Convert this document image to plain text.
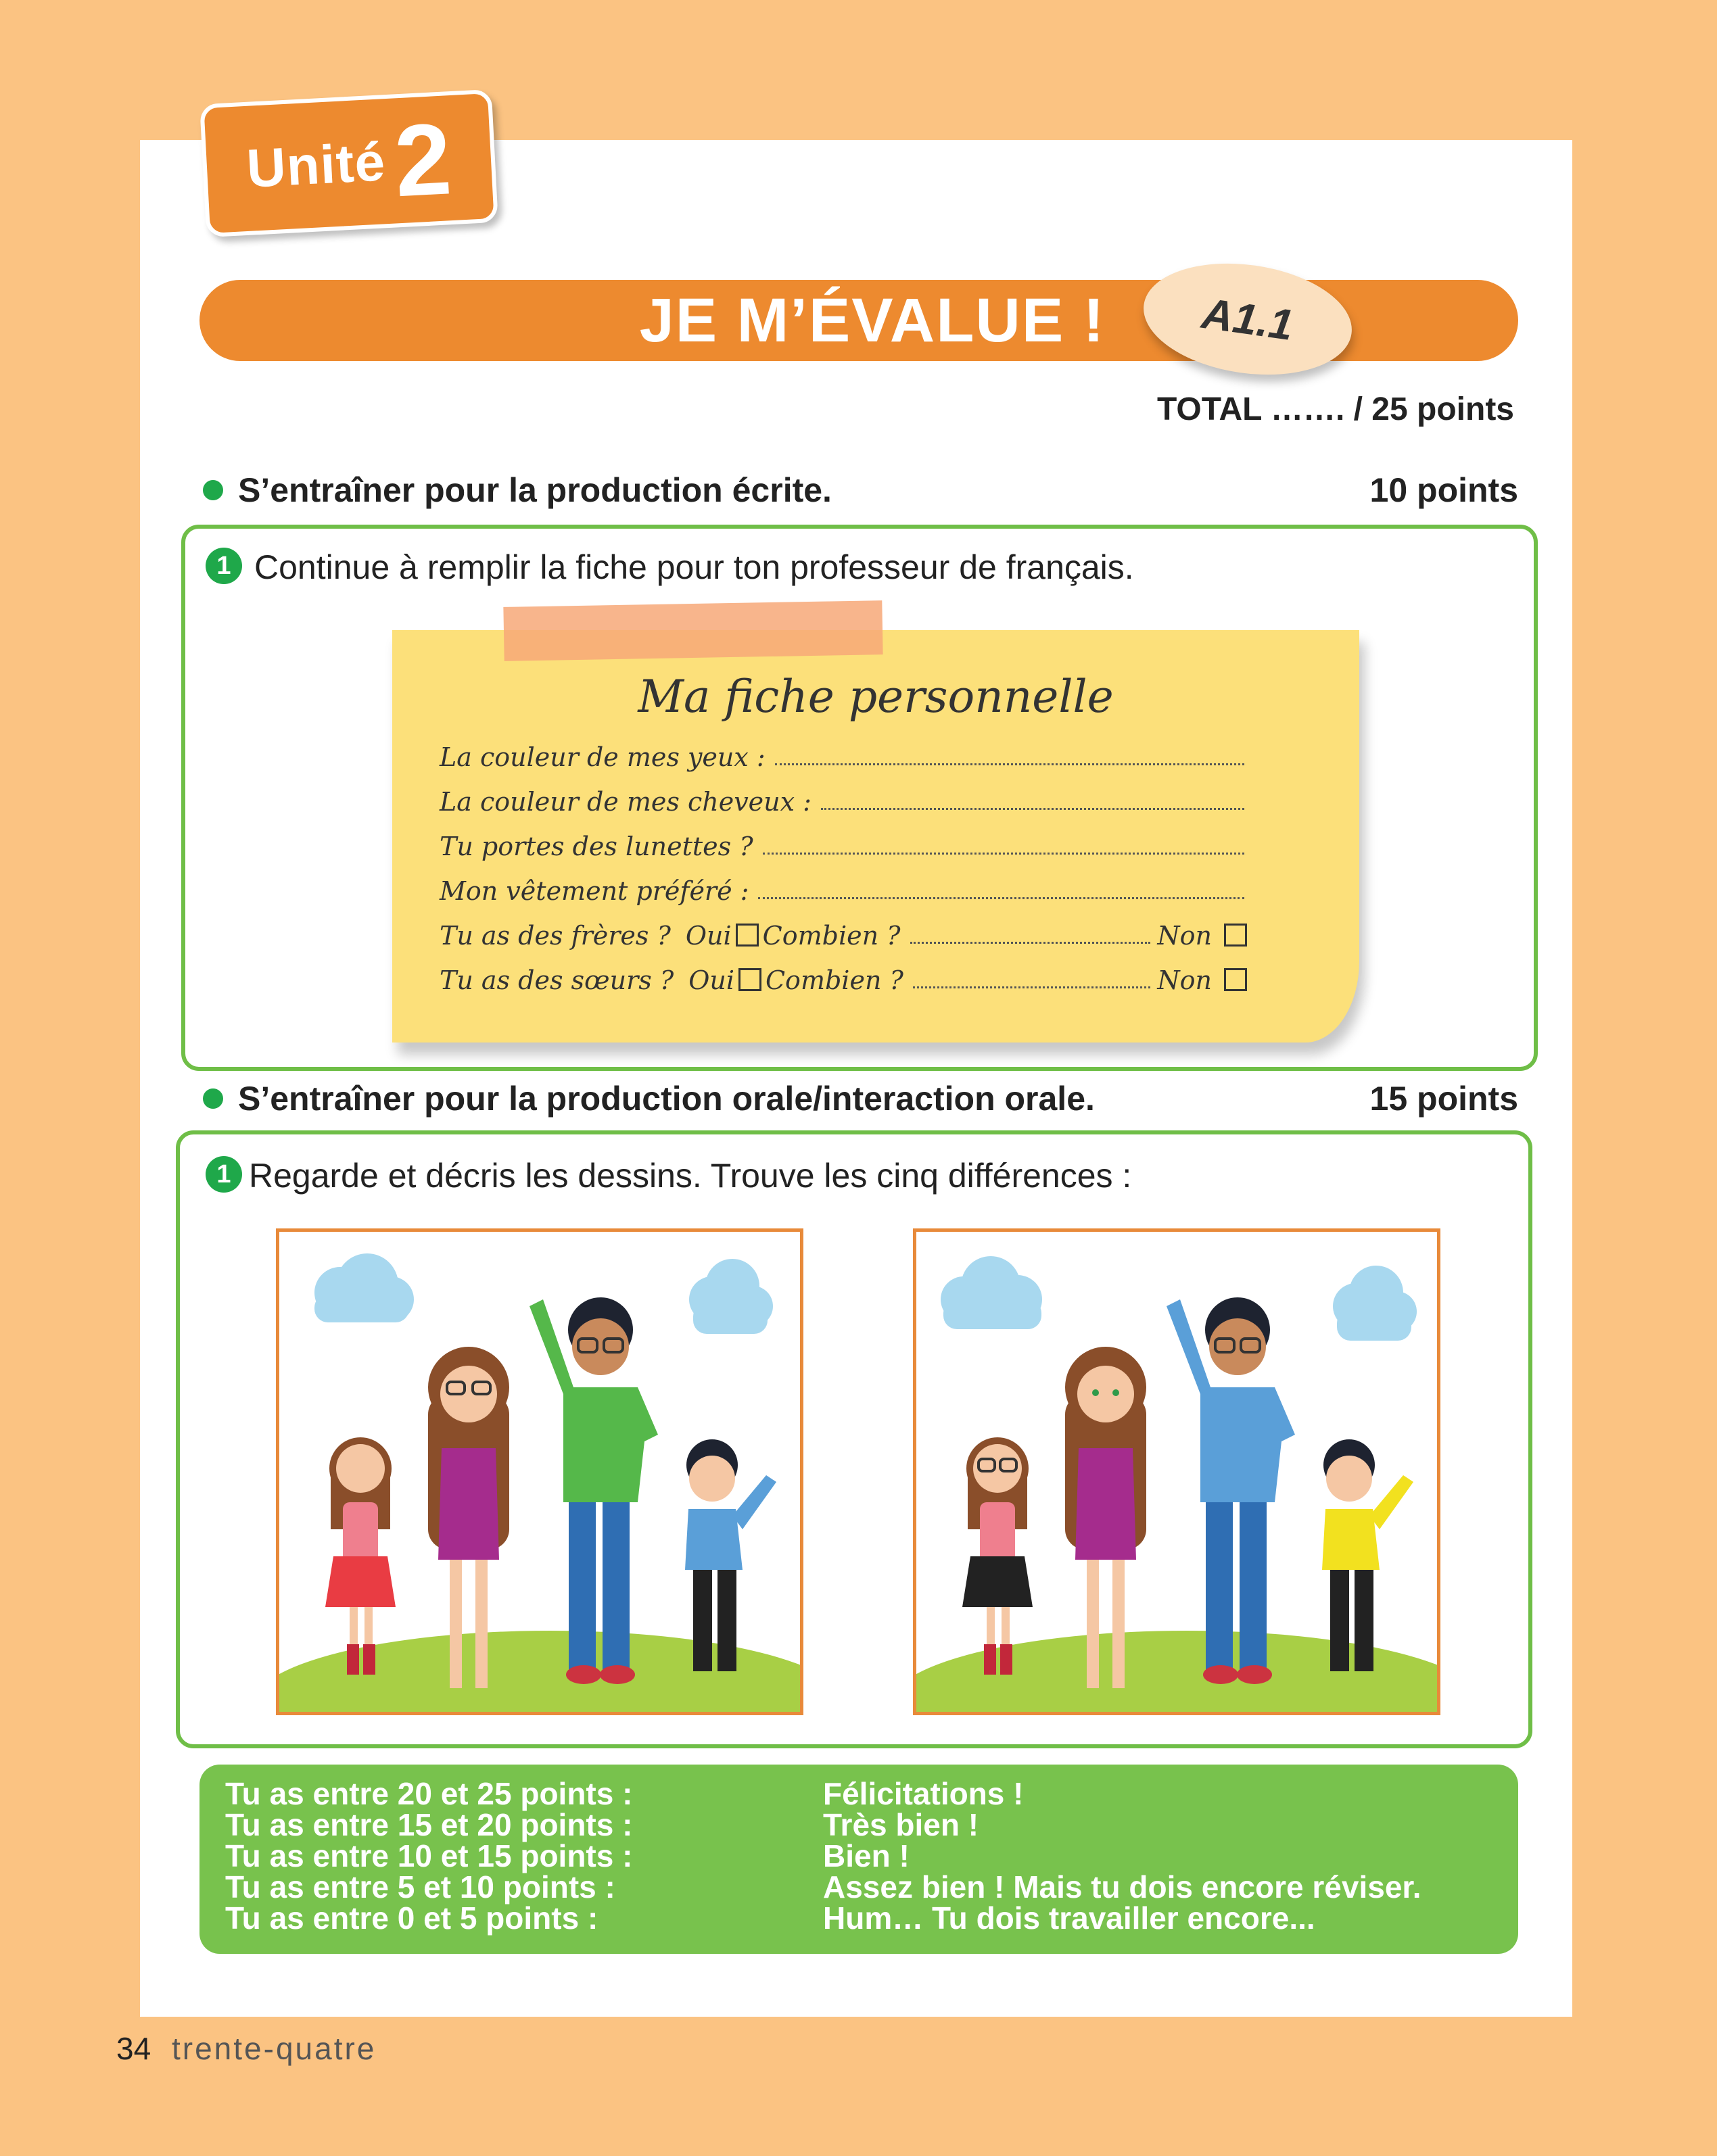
Unité 2
JE M’ÉVALUE !	A1.1
TOTAL ……. / 25 points
S’entraîner pour la production écrite.	10 points
1 Continue à remplir la fiche pour ton professeur de français.
Ma fiche personnelle
La couleur de mes yeux :
La couleur de mes cheveux :
Tu portes des lunettes ?
Mon vêtement préféré :
Tu as des frères ? Oui Combien ?	Non
Tu as des sœurs ? Oui Combien ?	Non
S’entraîner pour la production orale/interaction orale.	15 points
1 Regarde et décris les dessins. Trouve les cinq différences :
Tu as entre 20 et 25 points :	Félicitations !
Tu as entre 15 et 20 points :	Très bien !
Tu as entre 10 et 15 points :	Bien !
Tu as entre 5 et 10 points :	Assez bien ! Mais tu dois encore réviser.
Tu as entre 0 et 5 points :	Hum… Tu dois travailler encore...
34 trente-quatre
